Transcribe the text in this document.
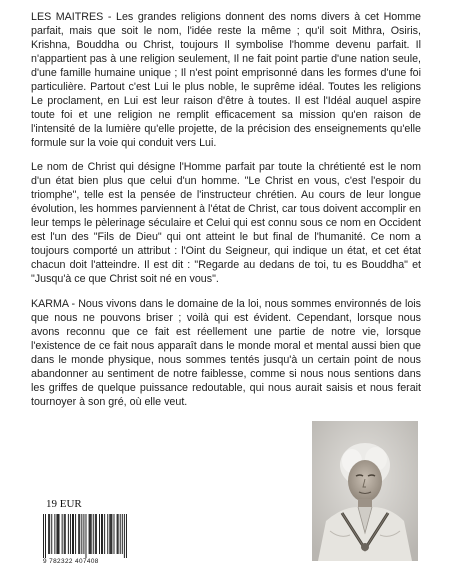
LES MAITRES - Les grandes religions donnent des noms divers à cet Homme parfait, mais que soit le nom, l'idée reste la même ; qu'il soit Mithra, Osiris, Krishna, Bouddha ou Christ, toujours Il symbolise l'homme devenu parfait. Il n'appartient pas à une religion seulement, Il ne fait point partie d'une nation seule, d'une famille humaine unique ; Il n'est point emprisonné dans les formes d'une foi particulière. Partout c'est Lui le plus noble, le suprême idéal. Toutes les religions Le proclament, en Lui est leur raison d'être à toutes. Il est l'Idéal auquel aspire toute foi et une religion ne remplit efficacement sa mission qu'en raison de l'intensité de la lumière qu'elle projette, de la précision des enseignements qu'elle formule sur la voie qui conduit vers Lui.

Le nom de Christ qui désigne l'Homme parfait par toute la chrétienté est le nom d'un état bien plus que celui d'un homme. "Le Christ en vous, c'est l'espoir du triomphe", telle est la pensée de l'instructeur chrétien. Au cours de leur longue évolution, les hommes parviennent à l'état de Christ, car tous doivent accomplir en leur temps le pèlerinage séculaire et Celui qui est connu sous ce nom en Occident est l'un des "Fils de Dieu" qui ont atteint le but final de l'humanité. Ce nom a toujours comporté un attribut : l'Oint du Seigneur, qui indique un état, et cet état chacun doit l'atteindre. Il est dit : "Regarde au dedans de toi, tu es Bouddha" et "Jusqu'à ce que Christ soit né en vous".

KARMA - Nous vivons dans le domaine de la loi, nous sommes environnés de lois que nous ne pouvons briser ; voilà qui est évident. Cependant, lorsque nous avons reconnu que ce fait est réellement une partie de notre vie, lorsque l'existence de ce fait nous apparaît dans le monde moral et mental aussi bien que dans le monde physique, nous sommes tentés jusqu'à un certain point de nous abandonner au sentiment de notre faiblesse, comme si nous nous sentions dans les griffes de quelque puissance redoutable, qui nous aurait saisis et nous ferait tournoyer à son gré, où elle veut.

19 EUR
9 782322 407408
